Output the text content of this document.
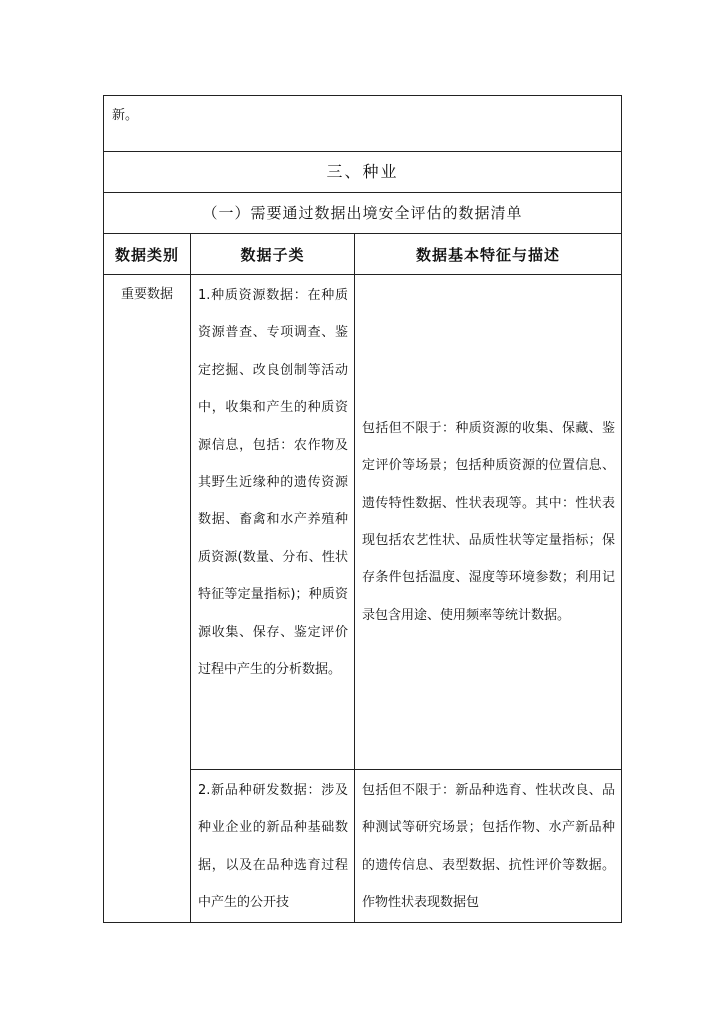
新。		
三、种业		
（一）需要通过数据出境安全评估的数据清单		
数据类别	数据子类	数据基本特征与描述
重要数据	1.种质资源数据：在种质资源普查、专项调查、鉴定挖掘、改良创制等活动中，收集和产生的种质资源信息，包括：农作物及其野生近缘种的遗传资源数据、畜禽和水产养殖种质资源(数量、分布、性状特征等定量指标)；种质资源收集、保存、鉴定评价过程中产生的分析数据。	包括但不限于：种质资源的收集、保藏、鉴定评价等场景；包括种质资源的位置信息、遗传特性数据、性状表现等。其中：性状表现包括农艺性状、品质性状等定量指标；保存条件包括温度、湿度等环境参数；利用记录包含用途、使用频率等统计数据。
	2.新品种研发数据：涉及种业企业的新品种基础数据，以及在品种选育过程中产生的公开技	包括但不限于：新品种选育、性状改良、品种测试等研究场景；包括作物、水产新品种的遗传信息、表型数据、抗性评价等数据。作物性状表现数据包
